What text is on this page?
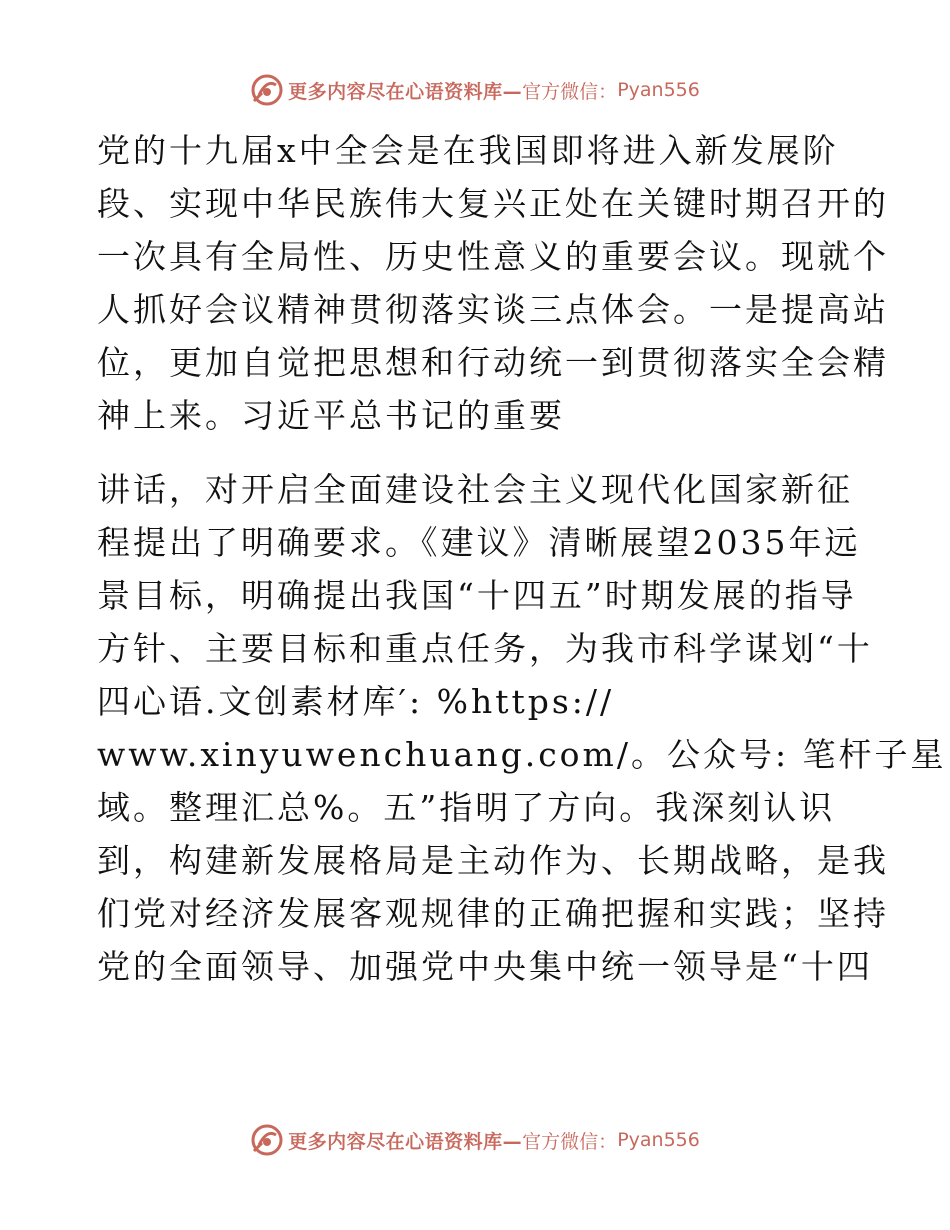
更多内容尽在心语资料库— 官方微信： Pyan556

党的十九届x中全会是在我国即将进入新发展阶
段、实现中华民族伟大复兴正处在关键时期召开的
一次具有全局性、历史性意义的重要会议。现就个
人抓好会议精神贯彻落实谈三点体会。一是提高站
位，更加自觉把思想和行动统一到贯彻落实全会精
神上来。习近平总书记的重要

讲话，对开启全面建设社会主义现代化国家新征
程提出了明确要求。《建议》清晰展望2035年远
景目标，明确提出我国“十四五”时期发展的指导
方针、主要目标和重点任务，为我市科学谋划“十
四心语.文创素材库′: %https://
www.xinyuwenchuang.com/。公众号: 笔杆子星
域。整理汇总%。五”指明了方向。我深刻认识
到，构建新发展格局是主动作为、长期战略，是我
们党对经济发展客观规律的正确把握和实践；坚持
党的全面领导、加强党中央集中统一领导是“十四

更多内容尽在心语资料库— 官方微信： Pyan556
